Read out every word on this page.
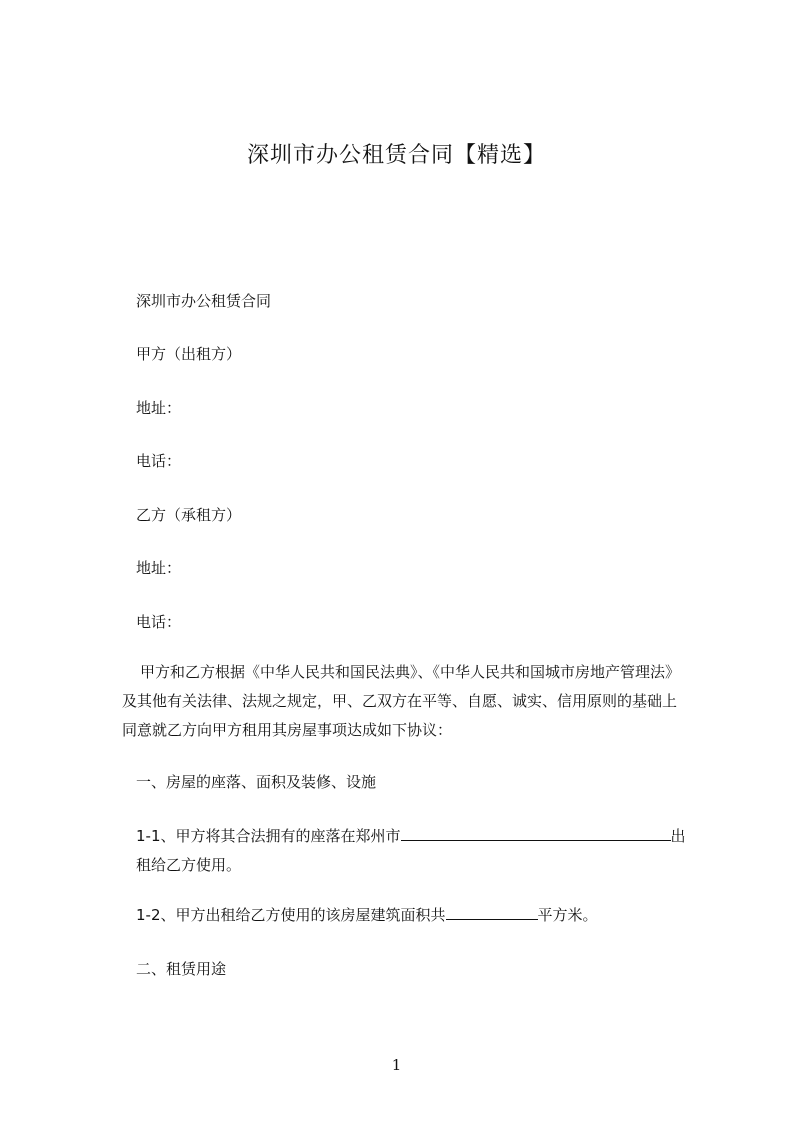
深圳市办公租赁合同【精选】

深圳市办公租赁合同

甲方（出租方）

地址：

电话：

乙方（承租方）

地址：

电话：

甲方和乙方根据《中华人民共和国民法典》、《中华人民共和国城市房地产管理法》
及其他有关法律、法规之规定，甲、乙双方在平等、自愿、诚实、信用原则的基础上
同意就乙方向甲方租用其房屋事项达成如下协议：

一、房屋的座落、面积及装修、设施

1-1、甲方将其合法拥有的座落在郑州市	出
租给乙方使用。

1-2、甲方出租给乙方使用的该房屋建筑面积共	平方米。

二、租赁用途

1
